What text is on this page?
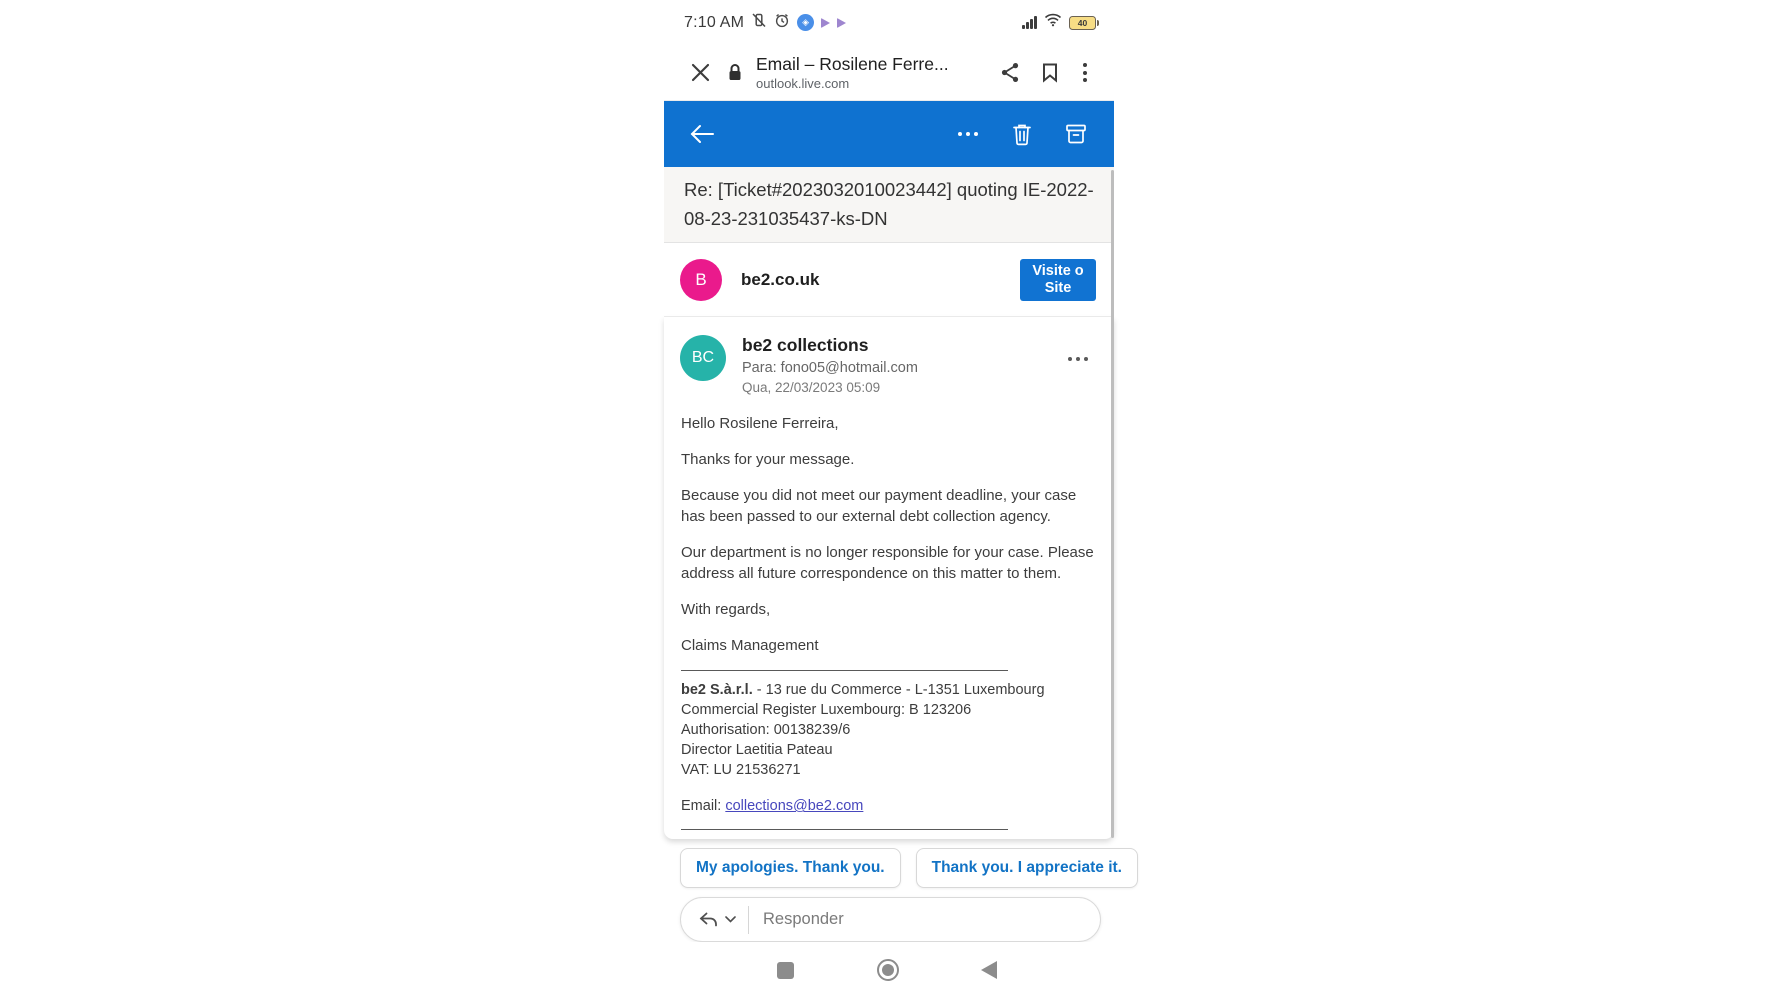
7:10 AM	◈	40
Email – Rosilene Ferre...
outlook.live.com
Re: [Ticket#2023032010023442] quoting IE-2022-08-23-231035437-ks-DN
B	be2.co.uk	Visite o Site
BC
be2 collections
Para: fono05@hotmail.com
Qua, 22/03/2023 05:09

Hello Rosilene Ferreira,

Thanks for your message.

Because you did not meet our payment deadline, your case has been passed to our external debt collection agency.

Our department is no longer responsible for your case. Please address all future correspondence on this matter to them.

With regards,

Claims Management

be2 S.à.r.l. - 13 rue du Commerce - L-1351 Luxembourg
Commercial Register Luxembourg: B 123206
Authorisation: 00138239/6
Director Laetitia Pateau
VAT: LU 21536271
Email: collections@be2.com
My apologies. Thank you.	Thank you. I appreciate it.
Responder
